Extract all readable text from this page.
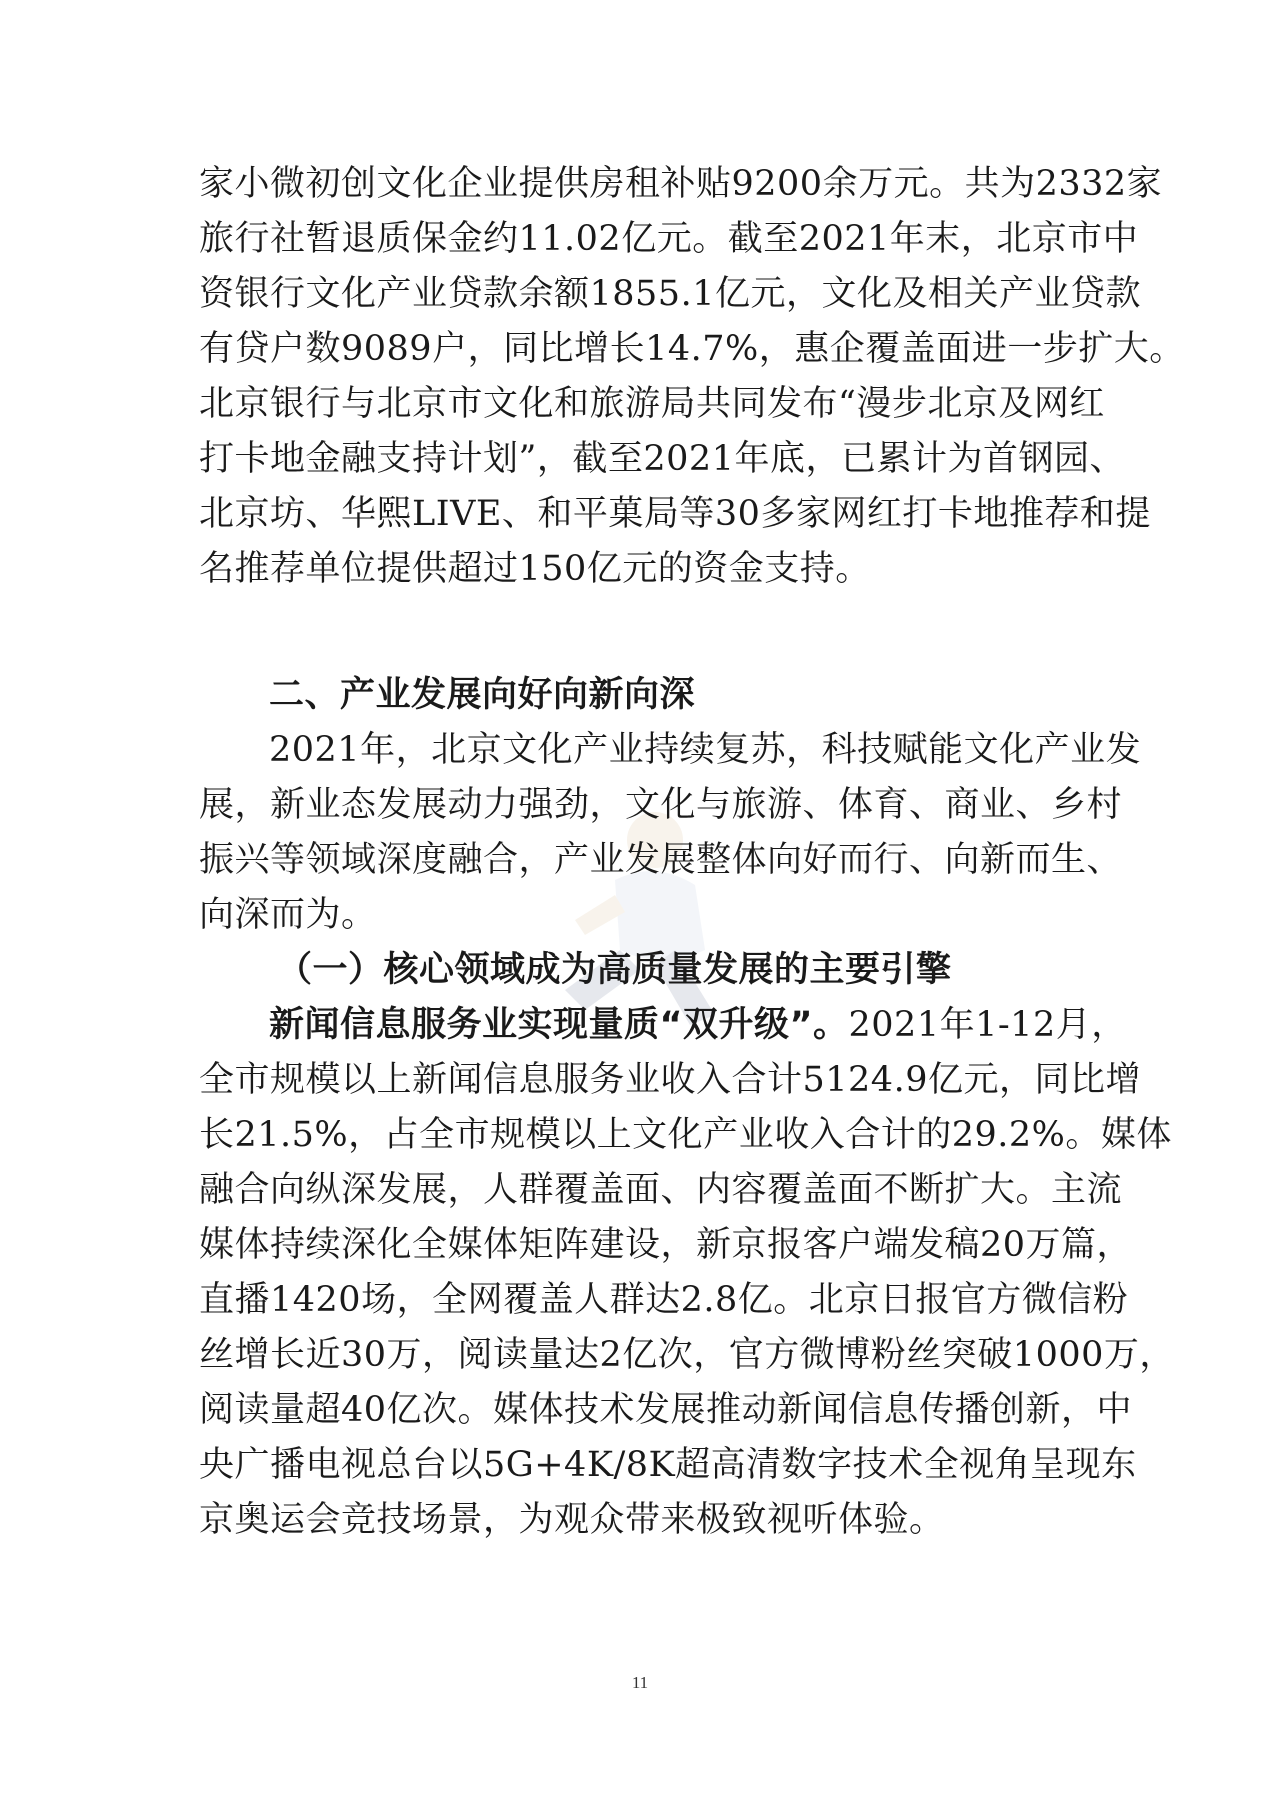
家小微初创文化企业提供房租补贴9200余万元。共为2332家
旅行社暂退质保金约11.02亿元。截至2021年末，北京市中
资银行文化产业贷款余额1855.1亿元，文化及相关产业贷款
有贷户数9089户，同比增长14.7%，惠企覆盖面进一步扩大。
北京银行与北京市文化和旅游局共同发布“漫步北京及网红
打卡地金融支持计划”，截至2021年底，已累计为首钢园、
北京坊、华熙LIVE、和平菓局等30多家网红打卡地推荐和提
名推荐单位提供超过150亿元的资金支持。
二、产业发展向好向新向深
2021年，北京文化产业持续复苏，科技赋能文化产业发
展，新业态发展动力强劲，文化与旅游、体育、商业、乡村
振兴等领域深度融合，产业发展整体向好而行、向新而生、
向深而为。
（一）核心领域成为高质量发展的主要引擎
新闻信息服务业实现量质“双升级”。2021年1-12月，
全市规模以上新闻信息服务业收入合计5124.9亿元，同比增
长21.5%，占全市规模以上文化产业收入合计的29.2%。媒体
融合向纵深发展，人群覆盖面、内容覆盖面不断扩大。主流
媒体持续深化全媒体矩阵建设，新京报客户端发稿20万篇，
直播1420场，全网覆盖人群达2.8亿。北京日报官方微信粉
丝增长近30万，阅读量达2亿次，官方微博粉丝突破1000万，
阅读量超40亿次。媒体技术发展推动新闻信息传播创新，中
央广播电视总台以5G+4K/8K超高清数字技术全视角呈现东
京奥运会竞技场景，为观众带来极致视听体验。
11
